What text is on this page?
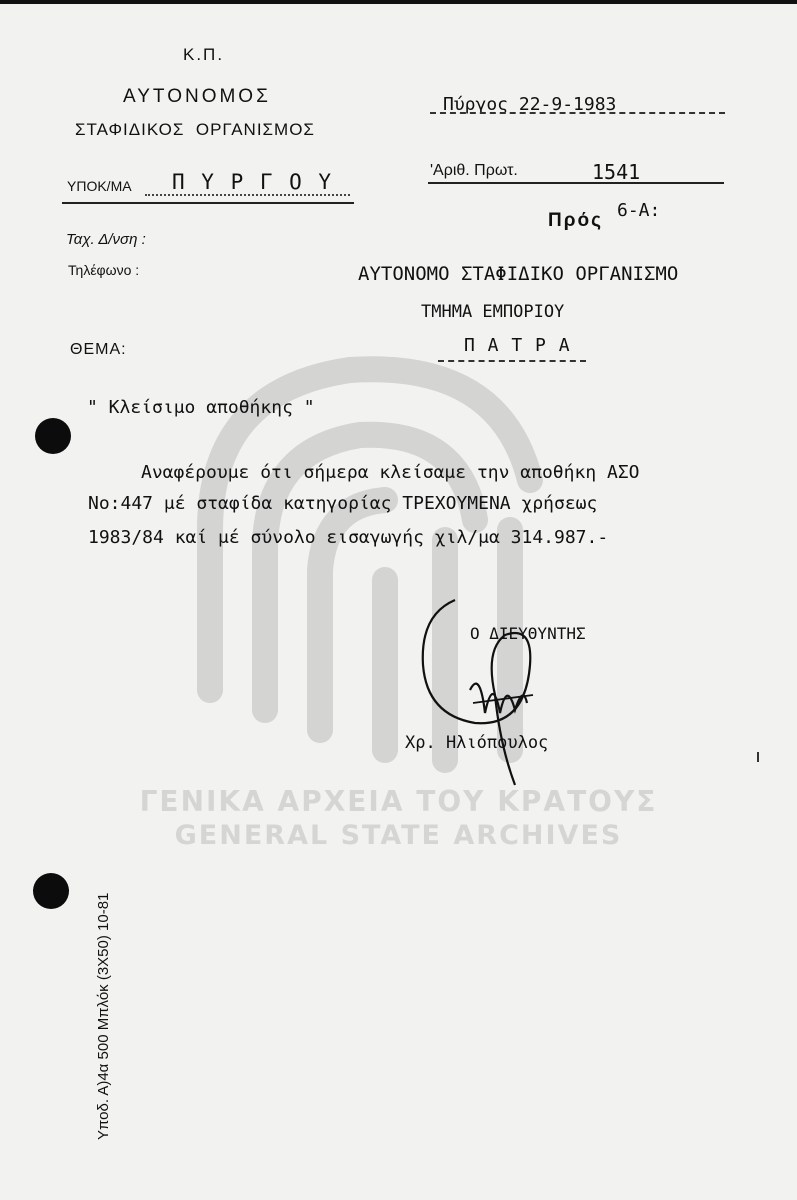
Κ.Π.
ΑΥΤΟΝΟΜΟΣ
ΣΤΑΦΙΔΙΚΟΣ  ΟΡΓΑΝΙΣΜΟΣ
ΥΠΟΚ/ΜΑ Π Υ Ρ Γ Ο Υ
Ταχ. Δ/νση :
Τηλέφωνο :
Πύργος 22-9-1983
'Αριθ. Πρωτ.	1541
Πρός 6-Α:
ΑΥΤΟΝΟΜΟ ΣΤΑΦΙΔΙΚΟ ΟΡΓΑΝΙΣΜΟ
ΤΜΗΜΑ ΕΜΠΟΡΙΟΥ
Π Α Τ Ρ Α
ΘΕΜΑ:
" Κλείσιμο αποθήκης "
Αναφέρουμε ότι σήμερα κλείσαμε την αποθήκη ΑΣΟ
Νο:447 μέ σταφίδα κατηγορίας ΤΡΕΧΟΥΜΕΝΑ χρήσεως
1983/84 καί μέ σύνολο εισαγωγής χιλ/μα 314.987.-
Ο ΔΙΕΥΘΥΝΤΗΣ
Χρ. Ηλιόπουλος
ΓΕΝΙΚΑ ΑΡΧΕΙΑ ΤΟΥ ΚΡΑΤΟΥΣ
GENERAL STATE ARCHIVES
Υποδ. Α)4α 500 Μπλόκ (3Χ50) 10-81
